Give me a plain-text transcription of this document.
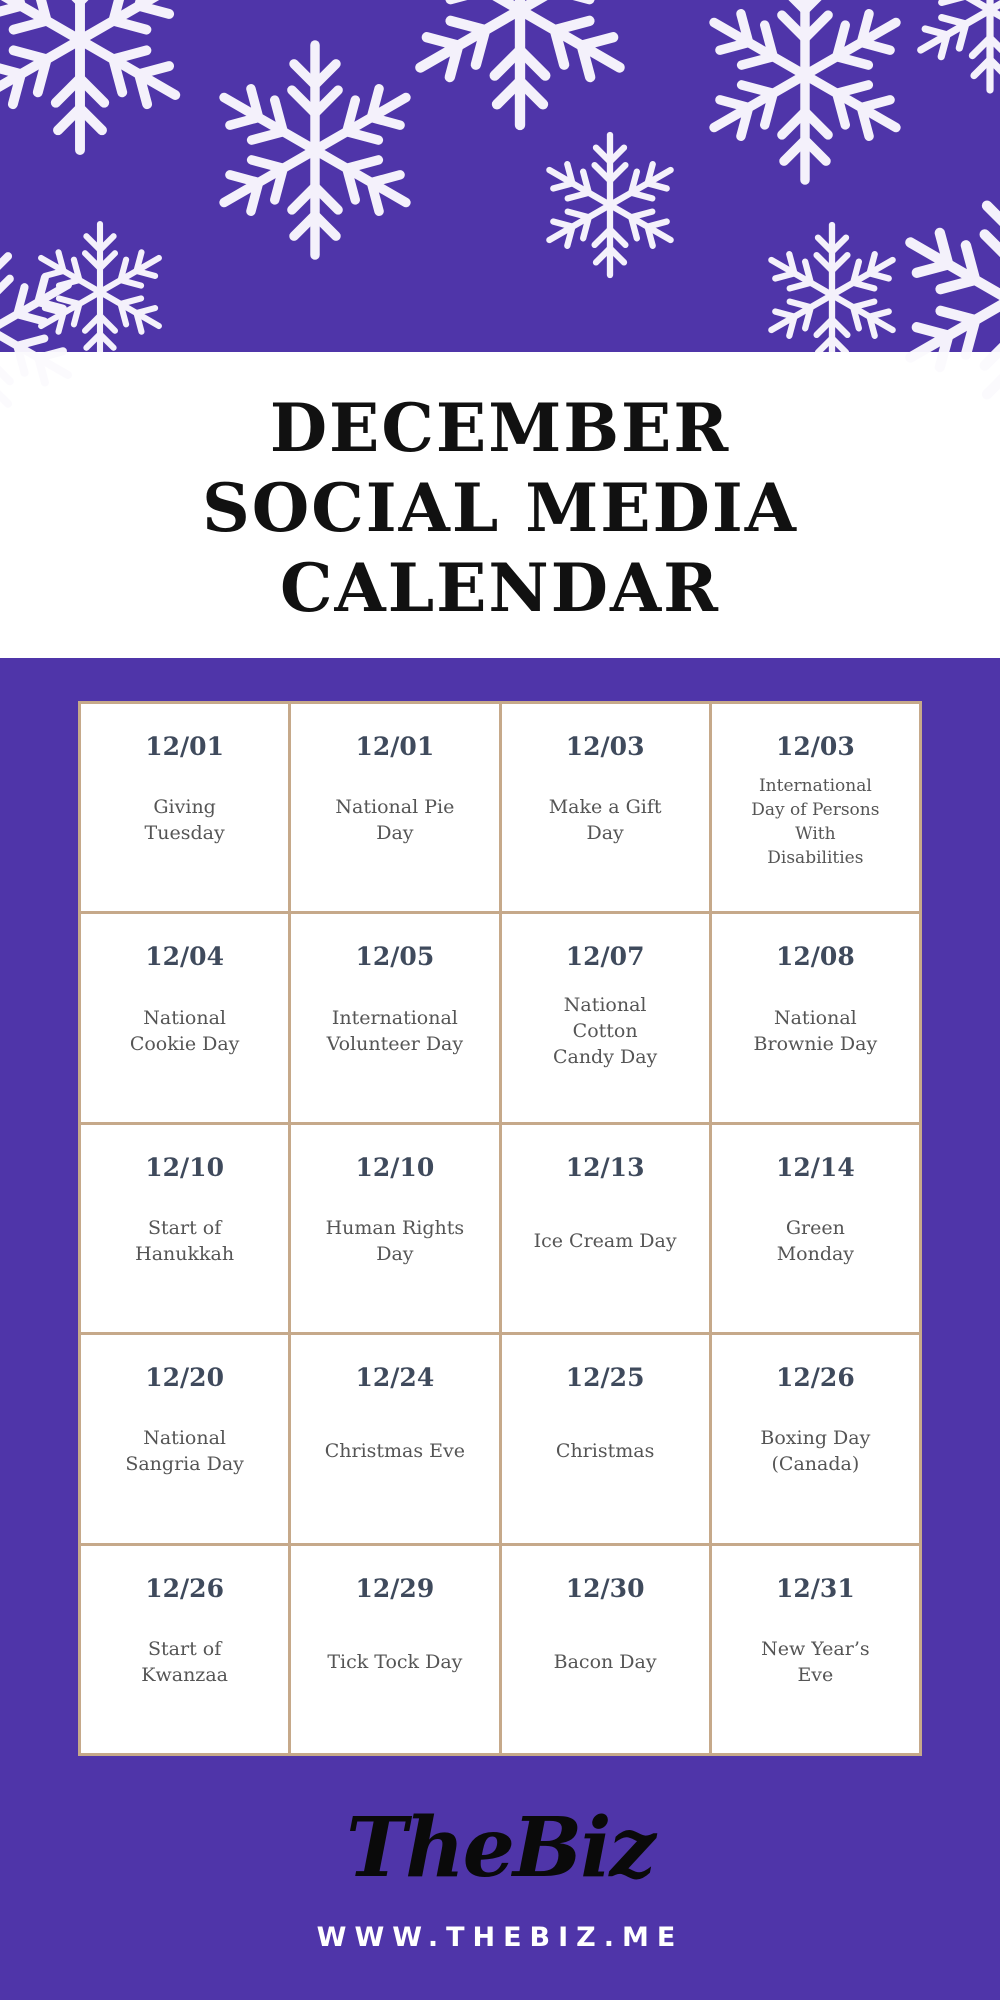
DECEMBER
SOCIAL MEDIA
CALENDAR
12/01
Giving
Tuesday
12/01
National Pie
Day
12/03
Make a Gift
Day
12/03
International
Day of Persons
With
Disabilities
12/04
National
Cookie Day
12/05
International
Volunteer Day
12/07
National
Cotton
Candy Day
12/08
National
Brownie Day
12/10
Start of
Hanukkah
12/10
Human Rights
Day
12/13
Ice Cream Day
12/14
Green
Monday
12/20
National
Sangria Day
12/24
Christmas Eve
12/25
Christmas
12/26
Boxing Day
(Canada)
12/26
Start of
Kwanzaa
12/29
Tick Tock Day
12/30
Bacon Day
12/31
New Year’s
Eve
TheBiz
WWW.THEBIZ.ME
